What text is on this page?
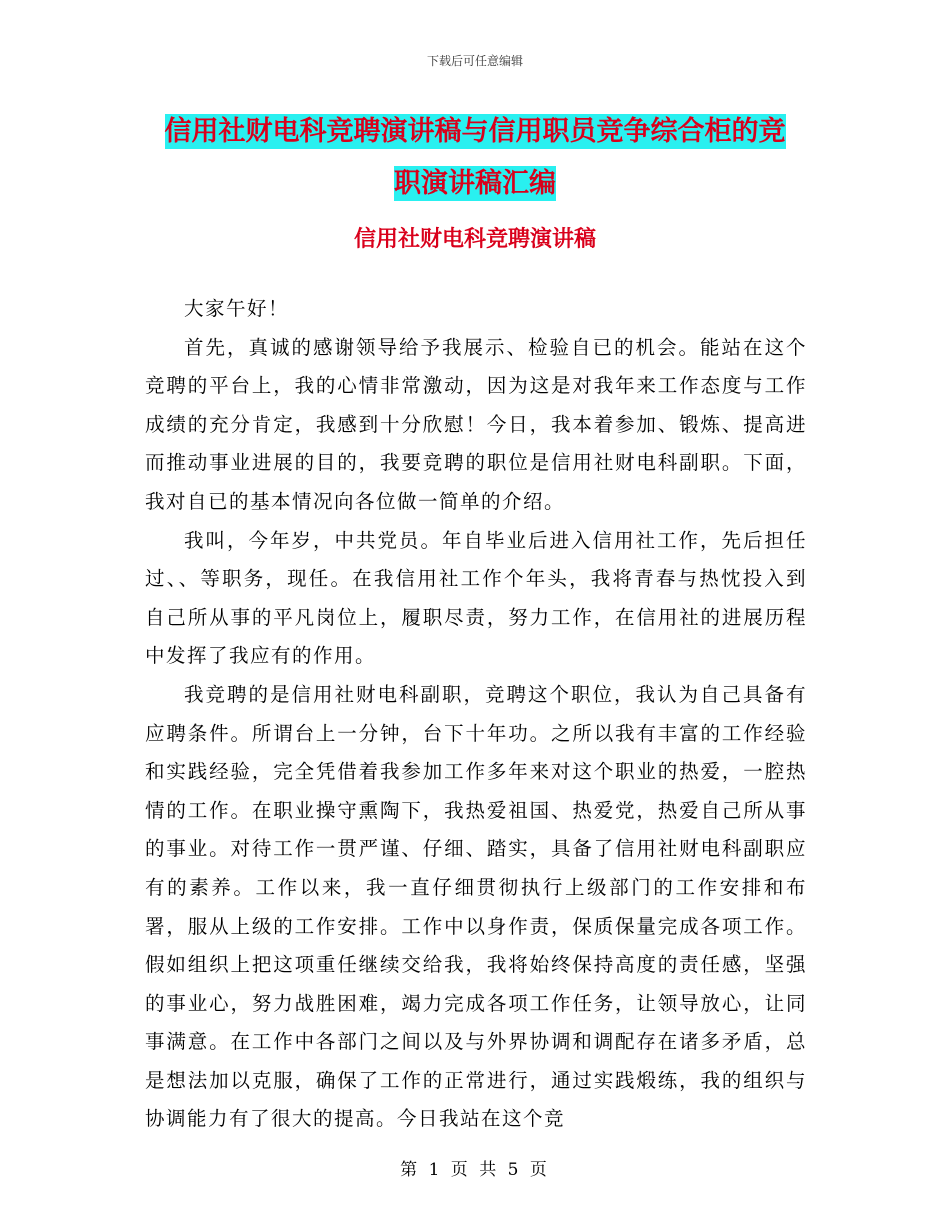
下载后可任意编辑
信用社财电科竞聘演讲稿与信用职员竞争综合柜的竞
职演讲稿汇编
信用社财电科竞聘演讲稿

大家午好！

首先，真诚的感谢领导给予我展示、检验自已的机会。能站在这个竞聘的平台上，我的心情非常激动，因为这是对我年来工作态度与工作成绩的充分肯定，我感到十分欣慰！今日，我本着参加、锻炼、提高进而推动事业进展的目的，我要竞聘的职位是信用社财电科副职。下面，我对自已的基本情况向各位做一简单的介绍。

我叫，今年岁，中共党员。年自毕业后进入信用社工作，先后担任过、、等职务，现任。在我信用社工作个年头，我将青春与热忱投入到自己所从事的平凡岗位上，履职尽责，努力工作，在信用社的进展历程中发挥了我应有的作用。

我竞聘的是信用社财电科副职，竞聘这个职位，我认为自己具备有应聘条件。所谓台上一分钟，台下十年功。之所以我有丰富的工作经验和实践经验，完全凭借着我参加工作多年来对这个职业的热爱，一腔热情的工作。在职业操守熏陶下，我热爱祖国、热爱党，热爱自己所从事的事业。对待工作一贯严谨、仔细、踏实，具备了信用社财电科副职应有的素养。工作以来，我一直仔细贯彻执行上级部门的工作安排和布署，服从上级的工作安排。工作中以身作责，保质保量完成各项工作。假如组织上把这项重任继续交给我，我将始终保持高度的责任感，坚强的事业心，努力战胜困难，竭力完成各项工作任务，让领导放心，让同事满意。在工作中各部门之间以及与外界协调和调配存在诸多矛盾，总是想法加以克服，确保了工作的正常进行，通过实践煅练，我的组织与协调能力有了很大的提高。今日我站在这个竞

第 1 页 共 5 页
